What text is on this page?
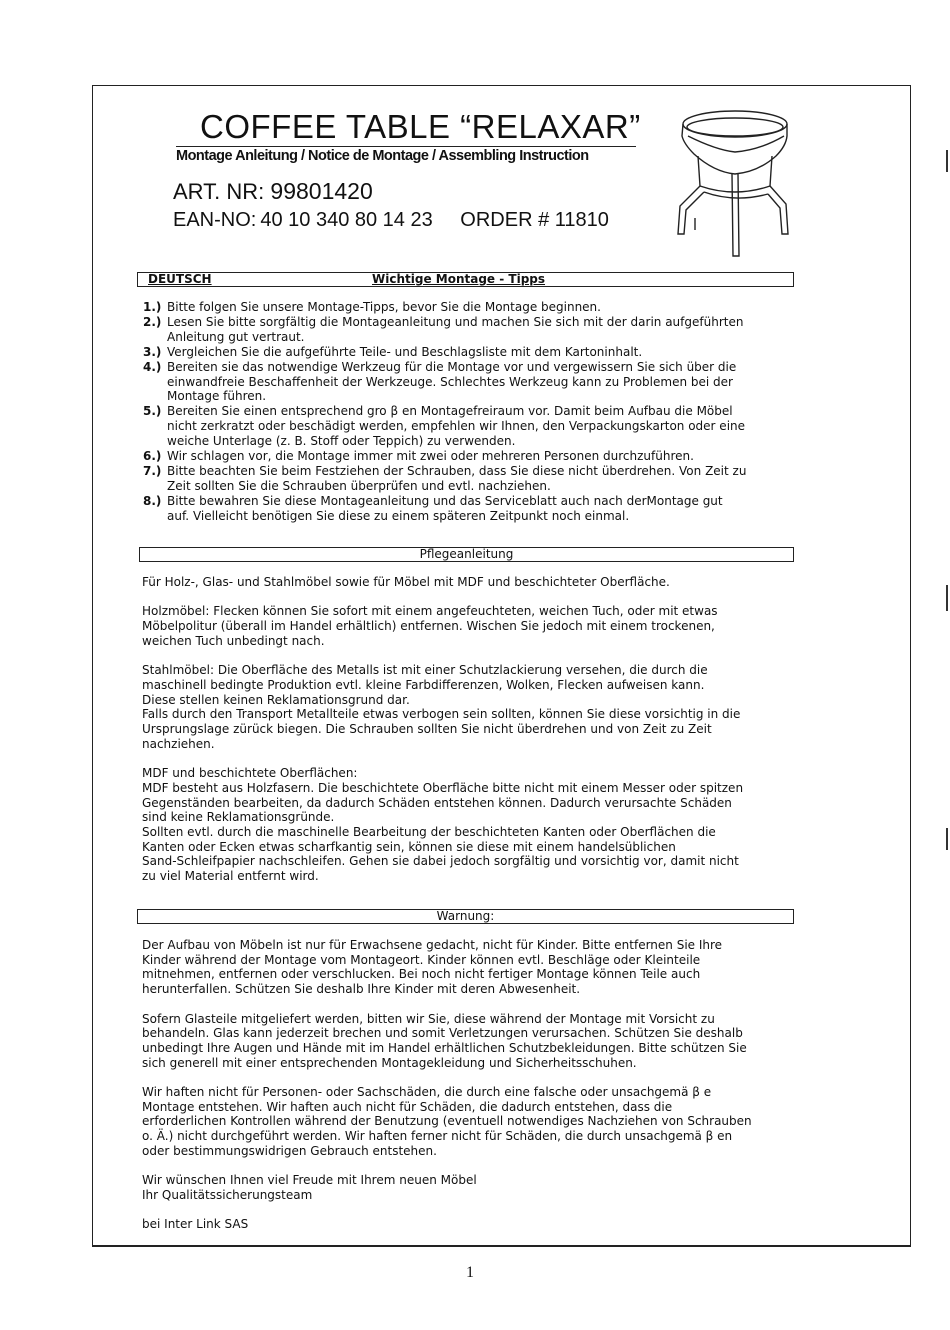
COFFEE TABLE “RELAXAR”
Montage Anleitung / Notice de Montage / Assembling Instruction
ART. NR: 99801420
EAN-NO: 40 10 340 80 14 23 ORDER # 11810
DEUTSCH	Wichtige Montage - Tipps
1.) Bitte folgen Sie unsere Montage-Tipps, bevor Sie die Montage beginnen.
2.) Lesen Sie bitte sorgfältig die Montageanleitung und machen Sie sich mit der darin aufgeführten
Anleitung gut vertraut.
3.) Vergleichen Sie die aufgeführte Teile- und Beschlagsliste mit dem Kartoninhalt.
4.) Bereiten sie das notwendige Werkzeug für die Montage vor und vergewissern Sie sich über die
einwandfreie Beschaffenheit der Werkzeuge. Schlechtes Werkzeug kann zu Problemen bei der
Montage führen.
5.) Bereiten Sie einen entsprechend gro β en Montagefreiraum vor. Damit beim Aufbau die Möbel
nicht zerkratzt oder beschädigt werden, empfehlen wir Ihnen, den Verpackungskarton oder eine
weiche Unterlage (z. B. Stoff oder Teppich) zu verwenden.
6.) Wir schlagen vor, die Montage immer mit zwei oder mehreren Personen durchzuführen.
7.) Bitte beachten Sie beim Festziehen der Schrauben, dass Sie diese nicht überdrehen. Von Zeit zu
Zeit sollten Sie die Schrauben überprüfen und evtl. nachziehen.
8.) Bitte bewahren Sie diese Montageanleitung und das Serviceblatt auch nach derMontage gut
auf. Vielleicht benötigen Sie diese zu einem späteren Zeitpunkt noch einmal.
Pflegeanleitung

Für Holz-, Glas- und Stahlmöbel sowie für Möbel mit MDF und beschichteter Oberfläche.

Holzmöbel: Flecken können Sie sofort mit einem angefeuchteten, weichen Tuch, oder mit etwas

Möbelpolitur (überall im Handel erhältlich) entfernen. Wischen Sie jedoch mit einem trockenen,

weichen Tuch unbedingt nach.

Stahlmöbel: Die Oberfläche des Metalls ist mit einer Schutzlackierung versehen, die durch die

maschinell bedingte Produktion evtl. kleine Farbdifferenzen, Wolken, Flecken aufweisen kann.

Diese stellen keinen Reklamationsgrund dar.

Falls durch den Transport Metallteile etwas verbogen sein sollten, können Sie diese vorsichtig in die

Ursprungslage zürück biegen. Die Schrauben sollten Sie nicht überdrehen und von Zeit zu Zeit

nachziehen.

MDF und beschichtete Oberflächen:

MDF besteht aus Holzfasern. Die beschichtete Oberfläche bitte nicht mit einem Messer oder spitzen

Gegenständen bearbeiten, da dadurch Schäden entstehen können. Dadurch verursachte Schäden

sind keine Reklamationsgründe.

Sollten evtl. durch die maschinelle Bearbeitung der beschichteten Kanten oder Oberflächen die

Kanten oder Ecken etwas scharfkantig sein, können sie diese mit einem handelsüblichen

Sand-Schleifpapier nachschleifen. Gehen sie dabei jedoch sorgfältig und vorsichtig vor, damit nicht

zu viel Material entfernt wird.

Warnung:

Der Aufbau von Möbeln ist nur für Erwachsene gedacht, nicht für Kinder. Bitte entfernen Sie Ihre

Kinder während der Montage vom Montageort. Kinder können evtl. Beschläge oder Kleinteile

mitnehmen, entfernen oder verschlucken. Bei noch nicht fertiger Montage können Teile auch

herunterfallen. Schützen Sie deshalb Ihre Kinder mit deren Abwesenheit.

Sofern Glasteile mitgeliefert werden, bitten wir Sie, diese während der Montage mit Vorsicht zu

behandeln. Glas kann jederzeit brechen und somit Verletzungen verursachen. Schützen Sie deshalb

unbedingt Ihre Augen und Hände mit im Handel erhältlichen Schutzbekleidungen. Bitte schützen Sie

sich generell mit einer entsprechenden Montagekleidung und Sicherheitsschuhen.

Wir haften nicht für Personen- oder Sachschäden, die durch eine falsche oder unsachgemä β e

Montage entstehen. Wir haften auch nicht für Schäden, die dadurch entstehen, dass die

erforderlichen Kontrollen während der Benutzung (eventuell notwendiges Nachziehen von Schrauben

o. Ä.) nicht durchgeführt werden. Wir haften ferner nicht für Schäden, die durch unsachgemä β en

oder bestimmungswidrigen Gebrauch entstehen.

Wir wünschen Ihnen viel Freude mit Ihrem neuen Möbel

Ihr Qualitätssicherungsteam

bei Inter Link SAS

1
